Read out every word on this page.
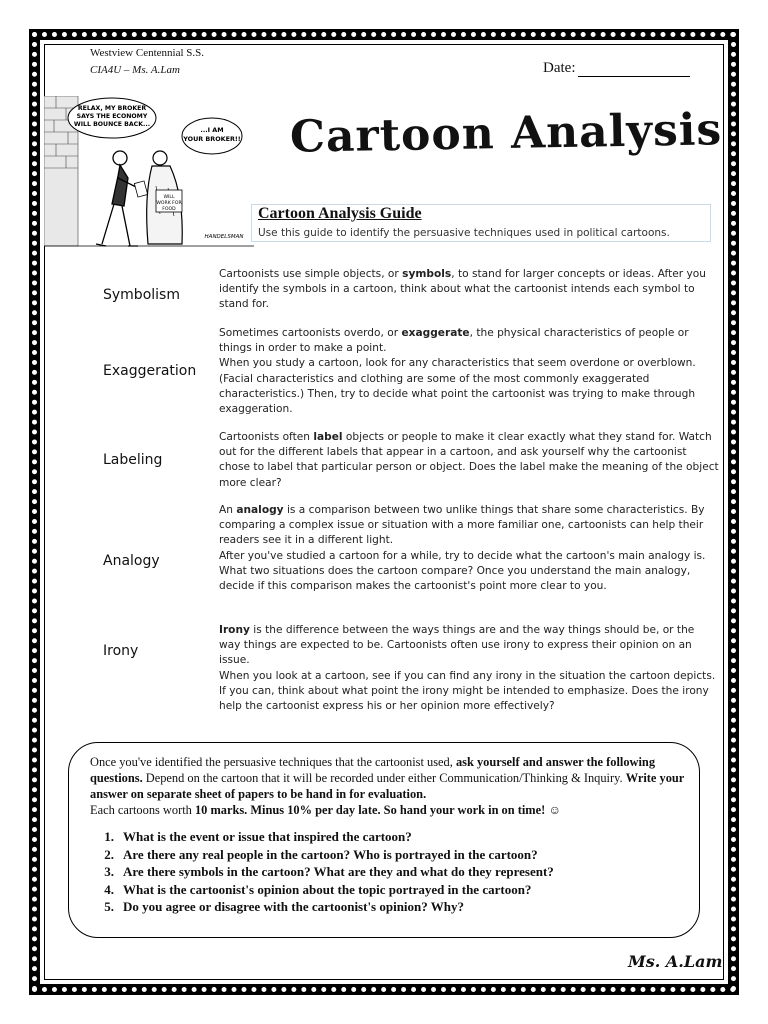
Westview Centennial S.S.
CIA4U – Ms. A.Lam	Date:
RELAX, MY BROKER
SAYS THE ECONOMY
WILL BOUNCE BACK...
...I AM
YOUR BROKER!!
WILL
WORK FOR
FOOD
HANDELSMAN
Cartoon Analysis
Cartoon Analysis Guide
Use this guide to identify the persuasive techniques used in political cartoons.
Symbolism

Cartoonists use simple objects, or symbols, to stand for larger concepts or ideas. After you identify the symbols in a cartoon, think about what the cartoonist intends each symbol to stand for.

Exaggeration

Sometimes cartoonists overdo, or exaggerate, the physical characteristics of people or things in order to make a point.

When you study a cartoon, look for any characteristics that seem overdone or overblown. (Facial characteristics and clothing are some of the most commonly exaggerated characteristics.) Then, try to decide what point the cartoonist was trying to make through exaggeration.

Labeling

Cartoonists often label objects or people to make it clear exactly what they stand for. Watch out for the different labels that appear in a cartoon, and ask yourself why the cartoonist chose to label that particular person or object. Does the label make the meaning of the object more clear?

Analogy

An analogy is a comparison between two unlike things that share some characteristics. By comparing a complex issue or situation with a more familiar one, cartoonists can help their readers see it in a different light.

After you've studied a cartoon for a while, try to decide what the cartoon's main analogy is. What two situations does the cartoon compare? Once you understand the main analogy, decide if this comparison makes the cartoonist's point more clear to you.

Irony

Irony is the difference between the ways things are and the way things should be, or the way things are expected to be. Cartoonists often use irony to express their opinion on an issue.

When you look at a cartoon, see if you can find any irony in the situation the cartoon depicts. If you can, think about what point the irony might be intended to emphasize. Does the irony help the cartoonist express his or her opinion more effectively?

Once you've identified the persuasive techniques that the cartoonist used, ask yourself and answer the following questions. Depend on the cartoon that it will be recorded under either Communication/Thinking & Inquiry. Write your answer on separate sheet of papers to be hand in for evaluation.
Each cartoons worth 10 marks. Minus 10% per day late. So hand your work in on time! ☺
1. What is the event or issue that inspired the cartoon?
2. Are there any real people in the cartoon? Who is portrayed in the cartoon?
3. Are there symbols in the cartoon? What are they and what do they represent?
4. What is the cartoonist's opinion about the topic portrayed in the cartoon?
5. Do you agree or disagree with the cartoonist's opinion? Why?
Ms. A.Lam
